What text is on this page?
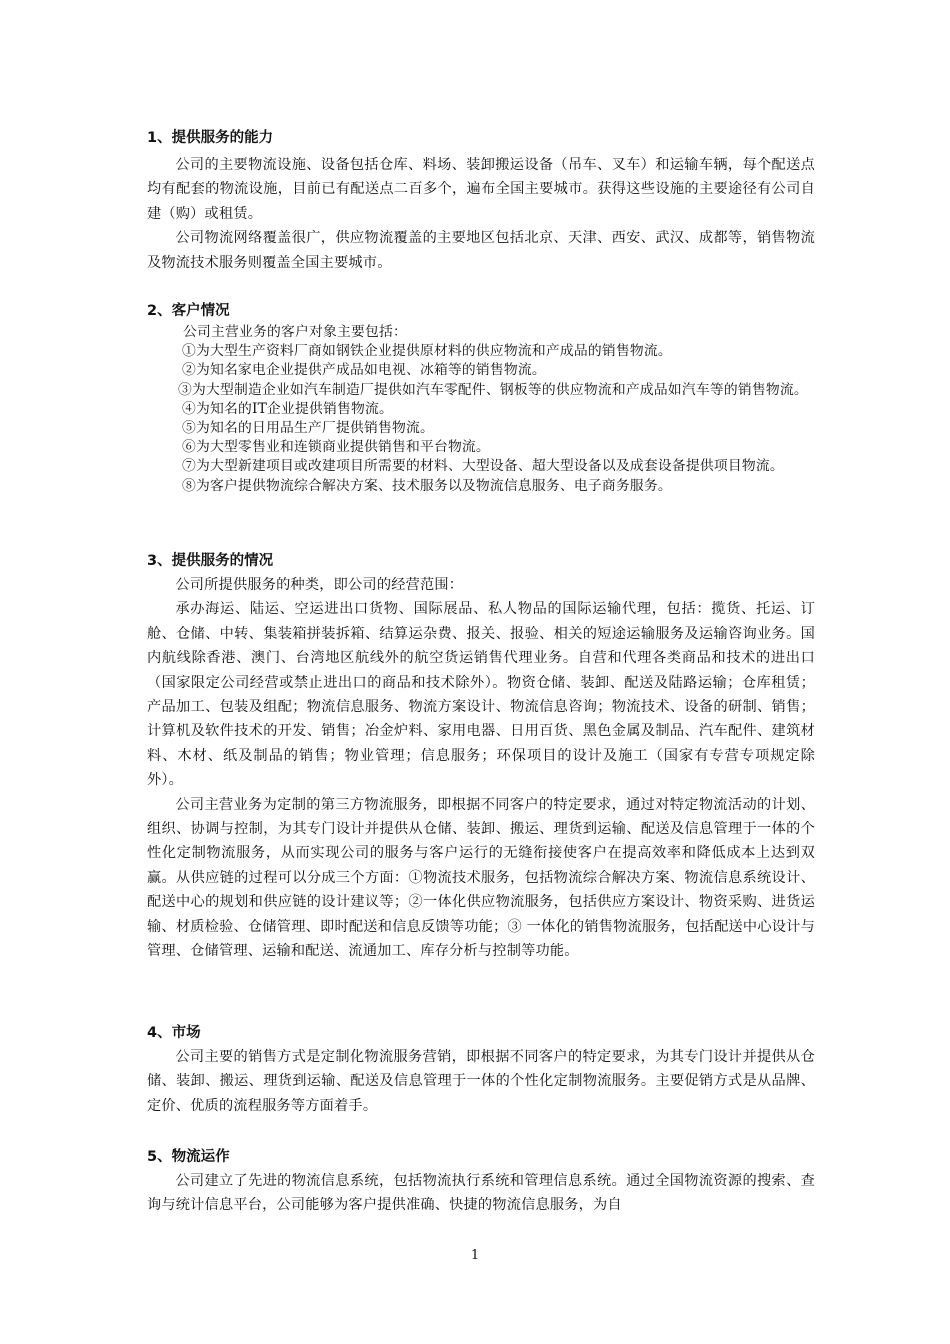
1、提供服务的能力

公司的主要物流设施、设备包括仓库、料场、装卸搬运设备（吊车、叉车）和运输车辆，每个配送点均有配套的物流设施，目前已有配送点二百多个，遍布全国主要城市。获得这些设施的主要途径有公司自建（购）或租赁。

公司物流网络覆盖很广，供应物流覆盖的主要地区包括北京、天津、西安、武汉、成都等，销售物流及物流技术服务则覆盖全国主要城市。

2、客户情况

公司主营业务的客户对象主要包括：

①为大型生产资料厂商如钢铁企业提供原材料的供应物流和产成品的销售物流。

②为知名家电企业提供产成品如电视、冰箱等的销售物流。

③为大型制造企业如汽车制造厂提供如汽车零配件、钢板等的供应物流和产成品如汽车等的销售物流。

④为知名的IT企业提供销售物流。

⑤为知名的日用品生产厂提供销售物流。

⑥为大型零售业和连锁商业提供销售和平台物流。

⑦为大型新建项目或改建项目所需要的材料、大型设备、超大型设备以及成套设备提供项目物流。

⑧为客户提供物流综合解决方案、技术服务以及物流信息服务、电子商务服务。

3、提供服务的情况

公司所提供服务的种类，即公司的经营范围：

承办海运、陆运、空运进出口货物、国际展品、私人物品的国际运输代理，包括：揽货、托运、订舱、仓储、中转、集装箱拼装拆箱、结算运杂费、报关、报验、相关的短途运输服务及运输咨询业务。国内航线除香港、澳门、台湾地区航线外的航空货运销售代理业务。自营和代理各类商品和技术的进出口（国家限定公司经营或禁止进出口的商品和技术除外）。物资仓储、装卸、配送及陆路运输；仓库租赁；产品加工、包装及组配；物流信息服务、物流方案设计、物流信息咨询；物流技术、设备的研制、销售；计算机及软件技术的开发、销售；冶金炉料、家用电器、日用百货、黑色金属及制品、汽车配件、建筑材料、木材、纸及制品的销售；物业管理；信息服务；环保项目的设计及施工（国家有专营专项规定除外）。

公司主营业务为定制的第三方物流服务，即根据不同客户的特定要求，通过对特定物流活动的计划、组织、协调与控制，为其专门设计并提供从仓储、装卸、搬运、理货到运输、配送及信息管理于一体的个性化定制物流服务，从而实现公司的服务与客户运行的无缝衔接使客户在提高效率和降低成本上达到双赢。从供应链的过程可以分成三个方面：①物流技术服务，包括物流综合解决方案、物流信息系统设计、配送中心的规划和供应链的设计建议等；②一体化供应物流服务，包括供应方案设计、物资采购、进货运输、材质检验、仓储管理、即时配送和信息反馈等功能；③ 一体化的销售物流服务，包括配送中心设计与管理、仓储管理、运输和配送、流通加工、库存分析与控制等功能。

4、市场

公司主要的销售方式是定制化物流服务营销，即根据不同客户的特定要求，为其专门设计并提供从仓储、装卸、搬运、理货到运输、配送及信息管理于一体的个性化定制物流服务。主要促销方式是从品牌、定价、优质的流程服务等方面着手。

5、物流运作

公司建立了先进的物流信息系统，包括物流执行系统和管理信息系统。通过全国物流资源的搜索、查询与统计信息平台，公司能够为客户提供准确、快捷的物流信息服务，为自

1
